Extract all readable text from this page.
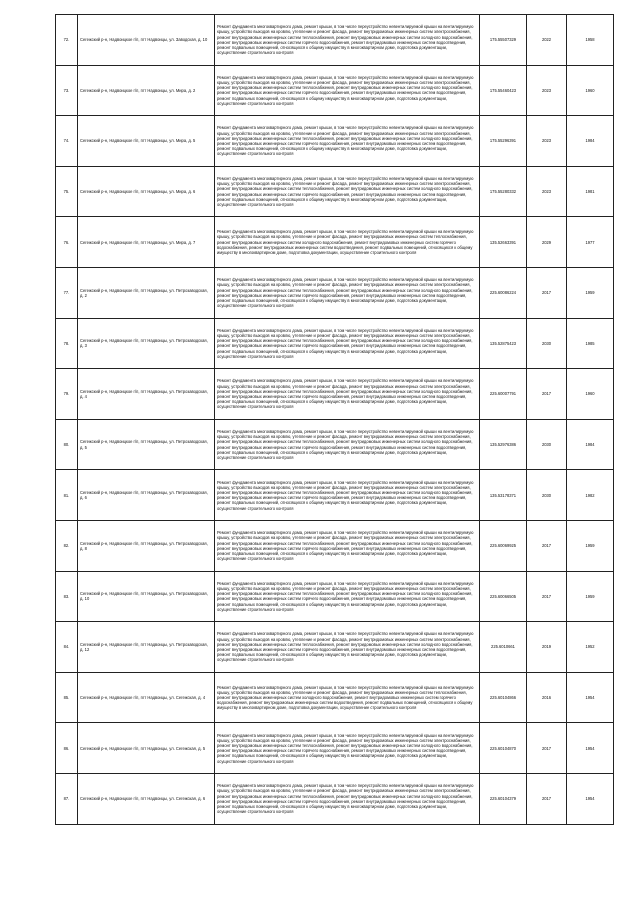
72.	Сегежский р-н, Надвоицкое г/п, пгт Надвоицы, ул. Заводская, д. 10	Ремонт фундамента многоквартирного дома, ремонт крыши, в том числе переустройство невентилируемой крыши на вентилируемую крышу, устройство выходов на кровлю, утепление и ремонт фасада, ремонт внутридомовых инженерных систем электроснабжения, ремонт внутридомовых инженерных систем теплоснабжения, ремонт внутридомовых инженерных систем холодного водоснабжения, ремонт внутридомовых инженерных систем горячего водоснабжения, ремонт внутридомовых инженерных систем водоотведения, ремонт подвальных помещений, относящихся к общему имуществу в многоквартирном доме, подготовка документации, осуществление строительного контроля	175.55507329	2022	1958
73.	Сегежский р-н, Надвоицкое г/п, пгт Надвоицы, ул. Мира, д. 2	Ремонт фундамента многоквартирного дома, ремонт крыши, в том числе переустройство невентилируемой крыши на вентилируемую крышу, устройство выходов на кровлю, утепление и ремонт фасада, ремонт внутридомовых инженерных систем электроснабжения, ремонт внутридомовых инженерных систем теплоснабжения, ремонт внутридомовых инженерных систем холодного водоснабжения, ремонт внутридомовых инженерных систем горячего водоснабжения, ремонт внутридомовых инженерных систем водоотведения, ремонт подвальных помещений, относящихся к общему имуществу в многоквартирном доме, подготовка документации, осуществление строительного контроля	175.55460423	2023	1960
74.	Сегежский р-н, Надвоицкое г/п, пгт Надвоицы, ул. Мира, д. 5	Ремонт фундамента многоквартирного дома, ремонт крыши, в том числе переустройство невентилируемой крыши на вентилируемую крышу, устройство выходов на кровлю, утепление и ремонт фасада, ремонт внутридомовых инженерных систем электроснабжения, ремонт внутридомовых инженерных систем теплоснабжения, ремонт внутридомовых инженерных систем холодного водоснабжения, ремонт внутридомовых инженерных систем горячего водоснабжения, ремонт внутридомовых инженерных систем водоотведения, ремонт подвальных помещений, относящихся к общему имуществу в многоквартирном доме, подготовка документации, осуществление строительного контроля	175.55296391	2023	1984
75.	Сегежский р-н, Надвоицкое г/п, пгт Надвоицы, ул. Мира, д. 6	Ремонт фундамента многоквартирного дома, ремонт крыши, в том числе переустройство невентилируемой крыши на вентилируемую крышу, устройство выходов на кровлю, утепление и ремонт фасада, ремонт внутридомовых инженерных систем электроснабжения, ремонт внутридомовых инженерных систем теплоснабжения, ремонт внутридомовых инженерных систем холодного водоснабжения, ремонт внутридомовых инженерных систем горячего водоснабжения, ремонт внутридомовых инженерных систем водоотведения, ремонт подвальных помещений, относящихся к общему имуществу в многоквартирном доме, подготовка документации, осуществление строительного контроля	175.55280332	2023	1981
76.	Сегежский р-н, Надвоицкое г/п, пгт Надвоицы, ул. Мира, д. 7	Ремонт фундамента многоквартирного дома, ремонт крыши, в том числе переустройство невентилируемой крыши на вентилируемую крышу, устройство выходов на кровлю, утепление и ремонт фасада, ремонт внутридомовых инженерных систем теплоснабжения, ремонт внутридомовых инженерных систем холодного водоснабжения, ремонт внутридомовых инженерных систем горячего водоснабжения, ремонт внутридомовых инженерных систем водоотведения, ремонт подвальных помещений, относящихся к общему имуществу в многоквартирном доме, подготовка документации, осуществление строительного контроля	135.52663391	2029	1977
77.	Сегежский р-н, Надвоицкое г/п, пгт Надвоицы, ул. Петрозаводская, д. 2	Ремонт фундамента многоквартирного дома, ремонт крыши, в том числе переустройство невентилируемой крыши на вентилируемую крышу, устройство выходов на кровлю, утепление и ремонт фасада, ремонт внутридомовых инженерных систем электроснабжения, ремонт внутридомовых инженерных систем теплоснабжения, ремонт внутридомовых инженерных систем холодного водоснабжения, ремонт внутридомовых инженерных систем горячего водоснабжения, ремонт внутридомовых инженерных систем водоотведения, ремонт подвальных помещений, относящихся к общему имуществу в многоквартирном доме, подготовка документации, осуществление строительного контроля	225.60086224	2017	1959
78.	Сегежский р-н, Надвоицкое г/п, пгт Надвоицы, ул. Петрозаводская, д. 3	Ремонт фундамента многоквартирного дома, ремонт крыши, в том числе переустройство невентилируемой крыши на вентилируемую крышу, устройство выходов на кровлю, утепление и ремонт фасада, ремонт внутридомовых инженерных систем электроснабжения, ремонт внутридомовых инженерных систем теплоснабжения, ремонт внутридомовых инженерных систем холодного водоснабжения, ремонт внутридомовых инженерных систем горячего водоснабжения, ремонт внутридомовых инженерных систем водоотведения, ремонт подвальных помещений, относящихся к общему имуществу в многоквартирном доме, подготовка документации, осуществление строительного контроля	135.52875423	2030	1985
79.	Сегежский р-н, Надвоицкое г/п, пгт Надвоицы, ул. Петрозаводская, д. 4	Ремонт фундамента многоквартирного дома, ремонт крыши, в том числе переустройство невентилируемой крыши на вентилируемую крышу, устройство выходов на кровлю, утепление и ремонт фасада, ремонт внутридомовых инженерных систем электроснабжения, ремонт внутридомовых инженерных систем теплоснабжения, ремонт внутридомовых инженерных систем холодного водоснабжения, ремонт внутридомовых инженерных систем горячего водоснабжения, ремонт внутридомовых инженерных систем водоотведения, ремонт подвальных помещений, относящихся к общему имуществу в многоквартирном доме, подготовка документации, осуществление строительного контроля	225.60007791	2017	1960
80.	Сегежский р-н, Надвоицкое г/п, пгт Надвоицы, ул. Петрозаводская, д. 5	Ремонт фундамента многоквартирного дома, ремонт крыши, в том числе переустройство невентилируемой крыши на вентилируемую крышу, устройство выходов на кровлю, утепление и ремонт фасада, ремонт внутридомовых инженерных систем электроснабжения, ремонт внутридомовых инженерных систем теплоснабжения, ремонт внутридомовых инженерных систем холодного водоснабжения, ремонт внутридомовых инженерных систем горячего водоснабжения, ремонт внутридомовых инженерных систем водоотведения, ремонт подвальных помещений, относящихся к общему имуществу в многоквартирном доме, подготовка документации, осуществление строительного контроля	135.52976386	2030	1984
81.	Сегежский р-н, Надвоицкое г/п, пгт Надвоицы, ул. Петрозаводская, д. 6	Ремонт фундамента многоквартирного дома, ремонт крыши, в том числе переустройство невентилируемой крыши на вентилируемую крышу, устройство выходов на кровлю, утепление и ремонт фасада, ремонт внутридомовых инженерных систем электроснабжения, ремонт внутридомовых инженерных систем теплоснабжения, ремонт внутридомовых инженерных систем холодного водоснабжения, ремонт внутридомовых инженерных систем горячего водоснабжения, ремонт внутридомовых инженерных систем водоотведения, ремонт подвальных помещений, относящихся к общему имуществу в многоквартирном доме, подготовка документации, осуществление строительного контроля	135.53178371	2030	1982
82.	Сегежский р-н, Надвоицкое г/п, пгт Надвоицы, ул. Петрозаводская, д. 8	Ремонт фундамента многоквартирного дома, ремонт крыши, в том числе переустройство невентилируемой крыши на вентилируемую крышу, устройство выходов на кровлю, утепление и ремонт фасада, ремонт внутридомовых инженерных систем электроснабжения, ремонт внутридомовых инженерных систем теплоснабжения, ремонт внутридомовых инженерных систем холодного водоснабжения, ремонт внутридомовых инженерных систем горячего водоснабжения, ремонт внутридомовых инженерных систем водоотведения, ремонт подвальных помещений, относящихся к общему имуществу в многоквартирном доме, подготовка документации, осуществление строительного контроля	225.60069925	2017	1959
83.	Сегежский р-н, Надвоицкое г/п, пгт Надвоицы, ул. Петрозаводская, д. 10	Ремонт фундамента многоквартирного дома, ремонт крыши, в том числе переустройство невентилируемой крыши на вентилируемую крышу, устройство выходов на кровлю, утепление и ремонт фасада, ремонт внутридомовых инженерных систем электроснабжения, ремонт внутридомовых инженерных систем теплоснабжения, ремонт внутридомовых инженерных систем холодного водоснабжения, ремонт внутридомовых инженерных систем горячего водоснабжения, ремонт внутридомовых инженерных систем водоотведения, ремонт подвальных помещений, относящихся к общему имуществу в многоквартирном доме, подготовка документации, осуществление строительного контроля	225.60066505	2017	1959
84.	Сегежский р-н, Надвоицкое г/п, пгт Надвоицы, ул. Петрозаводская, д. 12	Ремонт фундамента многоквартирного дома, ремонт крыши, в том числе переустройство невентилируемой крыши на вентилируемую крышу, устройство выходов на кровлю, утепление и ремонт фасада, ремонт внутридомовых инженерных систем электроснабжения, ремонт внутридомовых инженерных систем теплоснабжения, ремонт внутридомовых инженерных систем холодного водоснабжения, ремонт внутридомовых инженерных систем горячего водоснабжения, ремонт внутридомовых инженерных систем водоотведения, ремонт подвальных помещений, относящихся к общему имуществу в многоквартирном доме, подготовка документации, осуществление строительного контроля	225.6010661	2019	1952
85.	Сегежский р-н, Надвоицкое г/п, пгт Надвоицы, ул. Сегежская, д. 4	Ремонт фундамента многоквартирного дома, ремонт крыши, в том числе переустройство невентилируемой крыши на вентилируемую крышу, устройство выходов на кровлю, утепление и ремонт фасада, ремонт внутридомовых инженерных систем теплоснабжения, ремонт внутридомовых инженерных систем холодного водоснабжения, ремонт внутридомовых инженерных систем горячего водоснабжения, ремонт внутридомовых инженерных систем водоотведения, ремонт подвальных помещений, относящихся к общему имуществу в многоквартирном доме, подготовка документации, осуществление строительного контроля	225.60104866	2016	1954
86.	Сегежский р-н, Надвоицкое г/п, пгт Надвоицы, ул. Сегежская, д. 5	Ремонт фундамента многоквартирного дома, ремонт крыши, в том числе переустройство невентилируемой крыши на вентилируемую крышу, устройство выходов на кровлю, утепление и ремонт фасада, ремонт внутридомовых инженерных систем электроснабжения, ремонт внутридомовых инженерных систем теплоснабжения, ремонт внутридомовых инженерных систем холодного водоснабжения, ремонт внутридомовых инженерных систем горячего водоснабжения, ремонт внутридомовых инженерных систем водоотведения, ремонт подвальных помещений, относящихся к общему имуществу в многоквартирном доме, подготовка документации, осуществление строительного контроля	225.60104870	2017	1954
87.	Сегежский р-н, Надвоицкое г/п, пгт Надвоицы, ул. Сегежская, д. 6	Ремонт фундамента многоквартирного дома, ремонт крыши, в том числе переустройство невентилируемой крыши на вентилируемую крышу, устройство выходов на кровлю, утепление и ремонт фасада, ремонт внутридомовых инженерных систем электроснабжения, ремонт внутридомовых инженерных систем теплоснабжения, ремонт внутридомовых инженерных систем холодного водоснабжения, ремонт внутридомовых инженерных систем горячего водоснабжения, ремонт внутридомовых инженерных систем водоотведения, ремонт подвальных помещений, относящихся к общему имуществу в многоквартирном доме, подготовка документации, осуществление строительного контроля	225.60104379	2017	1954
